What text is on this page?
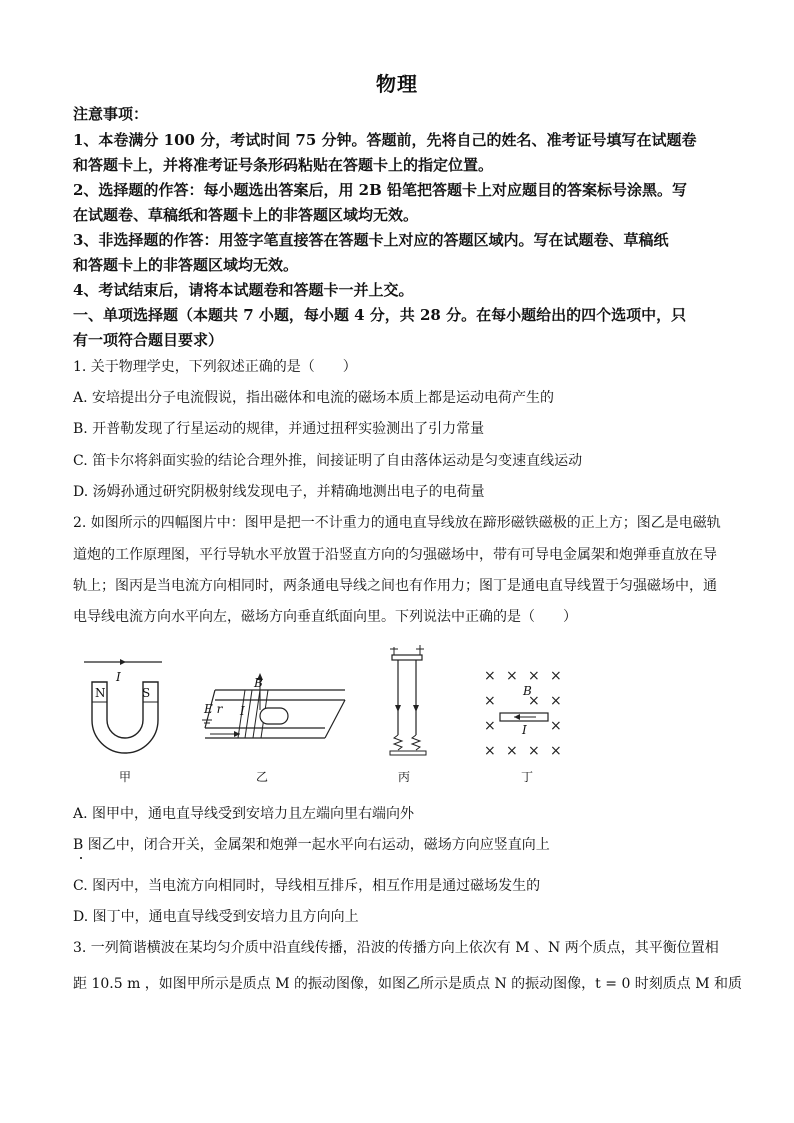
物理
注意事项：
1、本卷满分 100 分，考试时间 75 分钟。答题前，先将自己的姓名、准考证号填写在试题卷
和答题卡上，并将准考证号条形码粘贴在答题卡上的指定位置。
2、选择题的作答：每小题选出答案后，用 2B 铅笔把答题卡上对应题目的答案标号涂黑。写
在试题卷、草稿纸和答题卡上的非答题区域均无效。
3、非选择题的作答：用签字笔直接答在答题卡上对应的答题区域内。写在试题卷、草稿纸
和答题卡上的非答题区域均无效。
4、考试结束后，请将本试题卷和答题卡一并上交。
一、单项选择题（本题共 7 小题，每小题 4 分，共 28 分。在每小题给出的四个选项中，只
有一项符合题目要求）
1. 关于物理学史，下列叙述正确的是（　　）
A. 安培提出分子电流假说，指出磁体和电流的磁场本质上都是运动电荷产生的
B. 开普勒发现了行星运动的规律，并通过扭秤实验测出了引力常量
C. 笛卡尔将斜面实验的结论合理外推，间接证明了自由落体运动是匀变速直线运动
D. 汤姆孙通过研究阴极射线发现电子，并精确地测出电子的电荷量
2. 如图所示的四幅图片中：图甲是把一不计重力的通电直导线放在蹄形磁铁磁极的正上方；图乙是电磁轨
道炮的工作原理图，平行导轨水平放置于沿竖直方向的匀强磁场中，带有可导电金属架和炮弹垂直放在导
轨上；图丙是当电流方向相同时，两条通电导线之间也有作用力；图丁是通电直导线置于匀强磁场中，通
电导线电流方向水平向左，磁场方向垂直纸面向里。下列说法中正确的是（　　）
I
N	S
甲
B
E r I
乙	丙
× × × ×
× × ×
×	×
× × × ×
B
I
丁
A. 图甲中，通电直导线受到安培力且左端向里右端向外
B 图乙中，闭合开关，金属架和炮弹一起水平向右运动，磁场方向应竖直向上
C. 图丙中，当电流方向相同时，导线相互排斥，相互作用是通过磁场发生的
D. 图丁中，通电直导线受到安培力且方向向上
3. 一列简谐横波在某均匀介质中沿直线传播，沿波的传播方向上依次有 M 、N 两个质点，其平衡位置相
距 10.5 m ，如图甲所示是质点 M 的振动图像，如图乙所示是质点 N 的振动图像，t = 0 时刻质点 M 和质
